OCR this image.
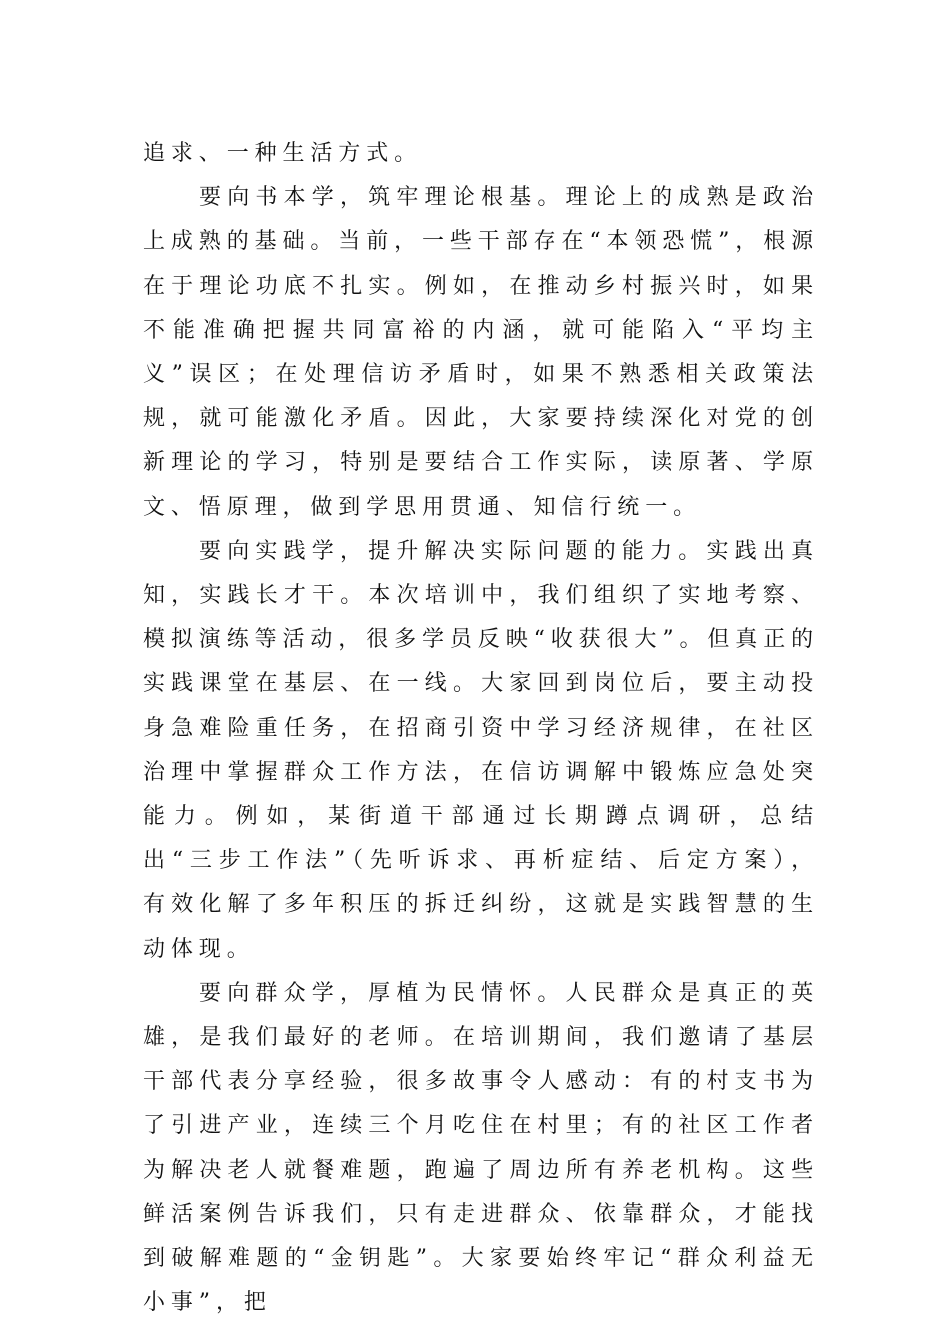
追求、一种生活方式。

要向书本学，筑牢理论根基。理论上的成熟是政治上成熟的基础。当前，一些干部存在“本领恐慌”，根源在于理论功底不扎实。例如，在推动乡村振兴时，如果不能准确把握共同富裕的内涵，就可能陷入“平均主义”误区；在处理信访矛盾时，如果不熟悉相关政策法规，就可能激化矛盾。因此，大家要持续深化对党的创新理论的学习，特别是要结合工作实际，读原著、学原文、悟原理，做到学思用贯通、知信行统一。

要向实践学，提升解决实际问题的能力。实践出真知，实践长才干。本次培训中，我们组织了实地考察、模拟演练等活动，很多学员反映“收获很大”。但真正的实践课堂在基层、在一线。大家回到岗位后，要主动投身急难险重任务，在招商引资中学习经济规律，在社区治理中掌握群众工作方法，在信访调解中锻炼应急处突能力。例如，某街道干部通过长期蹲点调研，总结出“三步工作法”（先听诉求、再析症结、后定方案），有效化解了多年积压的拆迁纠纷，这就是实践智慧的生动体现。

要向群众学，厚植为民情怀。人民群众是真正的英雄，是我们最好的老师。在培训期间，我们邀请了基层干部代表分享经验，很多故事令人感动：有的村支书为了引进产业，连续三个月吃住在村里；有的社区工作者为解决老人就餐难题，跑遍了周边所有养老机构。这些鲜活案例告诉我们，只有走进群众、依靠群众，才能找到破解难题的“金钥匙”。大家要始终牢记“群众利益无小事”，把
